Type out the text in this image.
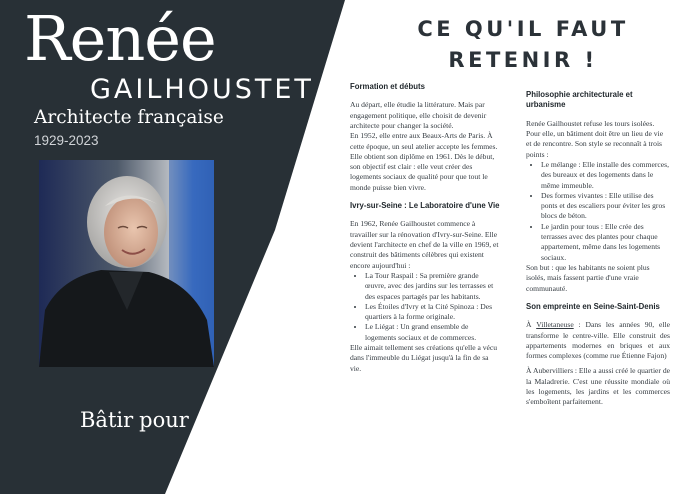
Renée
GAILHOUSTET
Architecte française
1929-2023
Bâtir pour tous
CE QU'IL FAUT
RETENIR !
Formation et débuts

Au départ, elle étudie la littérature. Mais par engagement politique, elle choisit de devenir architecte pour changer la société.

En 1952, elle entre aux Beaux-Arts de Paris. À cette époque, un seul atelier accepte les femmes.

Elle obtient son diplôme en 1961. Dès le début, son objectif est clair : elle veut créer des logements sociaux de qualité pour que tout le monde puisse bien vivre.

Ivry-sur-Seine : Le Laboratoire d'une Vie

En 1962, Renée Gailhoustet commence à travailler sur la rénovation d'Ivry-sur-Seine. Elle devient l'architecte en chef de la ville en 1969, et construit des bâtiments célèbres qui existent encore aujourd'hui :

• La Tour Raspail : Sa première grande œuvre, avec des jardins sur les terrasses et des espaces partagés par les habitants.
• Les Étoiles d'Ivry et la Cité Spinoza : Des quartiers à la forme originale.
• Le Liégat : Un grand ensemble de logements sociaux et de commerces.

Elle aimait tellement ses créations qu'elle a vécu dans l'immeuble du Liégat jusqu'à la fin de sa vie.

Philosophie architecturale et urbanisme

Renée Gailhoustet refuse les tours isolées. Pour elle, un bâtiment doit être un lieu de vie et de rencontre. Son style se reconnaît à trois points :

• Le mélange : Elle installe des commerces, des bureaux et des logements dans le même immeuble.
• Des formes vivantes : Elle utilise des ponts et des escaliers pour éviter les gros blocs de béton.
• Le jardin pour tous : Elle crée des terrasses avec des plantes pour chaque appartement, même dans les logements sociaux.

Son but : que les habitants ne soient plus isolés, mais fassent partie d'une vraie communauté.

Son empreinte en Seine-Saint-Denis

À Villetaneuse : Dans les années 90, elle transforme le centre-ville. Elle construit des appartements modernes en briques et aux formes complexes (comme rue Étienne Fajon)

À Aubervilliers : Elle a aussi créé le quartier de la Maladrerie. C'est une réussite mondiale où les logements, les jardins et les commerces s'emboîtent parfaitement.
